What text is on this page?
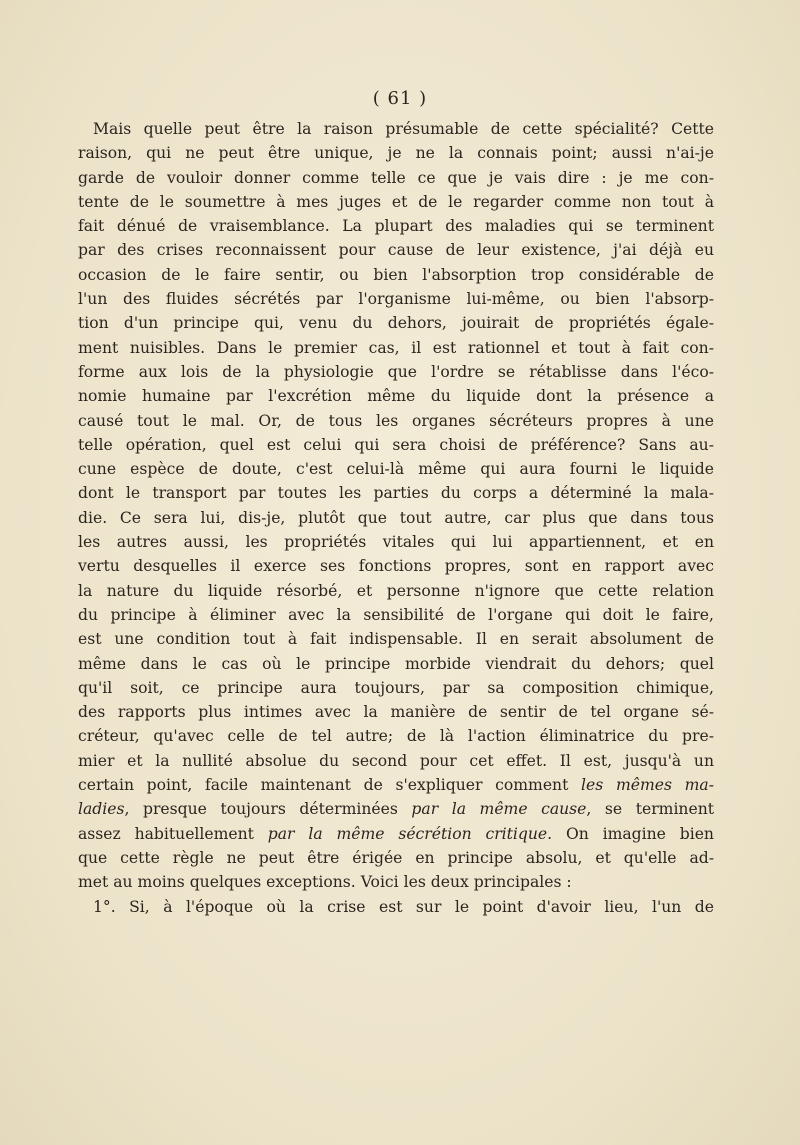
( 61 )
Mais quelle peut être la raison présumable de cette spécialité? Cette
raison, qui ne peut être unique, je ne la connais point; aussi n'ai-je
garde de vouloir donner comme telle ce que je vais dire : je me con-
tente de le soumettre à mes juges et de le regarder comme non tout à
fait dénué de vraisemblance. La plupart des maladies qui se terminent
par des crises reconnaissent pour cause de leur existence, j'ai déjà eu
occasion de le faire sentir, ou bien l'absorption trop considérable de
l'un des fluides sécrétés par l'organisme lui-même, ou bien l'absorp-
tion d'un principe qui, venu du dehors, jouirait de propriétés égale-
ment nuisibles. Dans le premier cas, il est rationnel et tout à fait con-
forme aux lois de la physiologie que l'ordre se rétablisse dans l'éco-
nomie humaine par l'excrétion même du liquide dont la présence a
causé tout le mal. Or, de tous les organes sécréteurs propres à une
telle opération, quel est celui qui sera choisi de préférence? Sans au-
cune espèce de doute, c'est celui-là même qui aura fourni le liquide
dont le transport par toutes les parties du corps a déterminé la mala-
die. Ce sera lui, dis-je, plutôt que tout autre, car plus que dans tous
les autres aussi, les propriétés vitales qui lui appartiennent, et en
vertu desquelles il exerce ses fonctions propres, sont en rapport avec
la nature du liquide résorbé, et personne n'ignore que cette relation
du principe à éliminer avec la sensibilité de l'organe qui doit le faire,
est une condition tout à fait indispensable. Il en serait absolument de
même dans le cas où le principe morbide viendrait du dehors; quel
qu'il soit, ce principe aura toujours, par sa composition chimique,
des rapports plus intimes avec la manière de sentir de tel organe sé-
créteur, qu'avec celle de tel autre; de là l'action éliminatrice du pre-
mier et la nullité absolue du second pour cet effet. Il est, jusqu'à un
certain point, facile maintenant de s'expliquer comment les mêmes ma-
ladies, presque toujours déterminées par la même cause, se terminent
assez habituellement par la même sécrétion critique. On imagine bien
que cette règle ne peut être érigée en principe absolu, et qu'elle ad-
met au moins quelques exceptions. Voici les deux principales :
1°. Si, à l'époque où la crise est sur le point d'avoir lieu, l'un de
